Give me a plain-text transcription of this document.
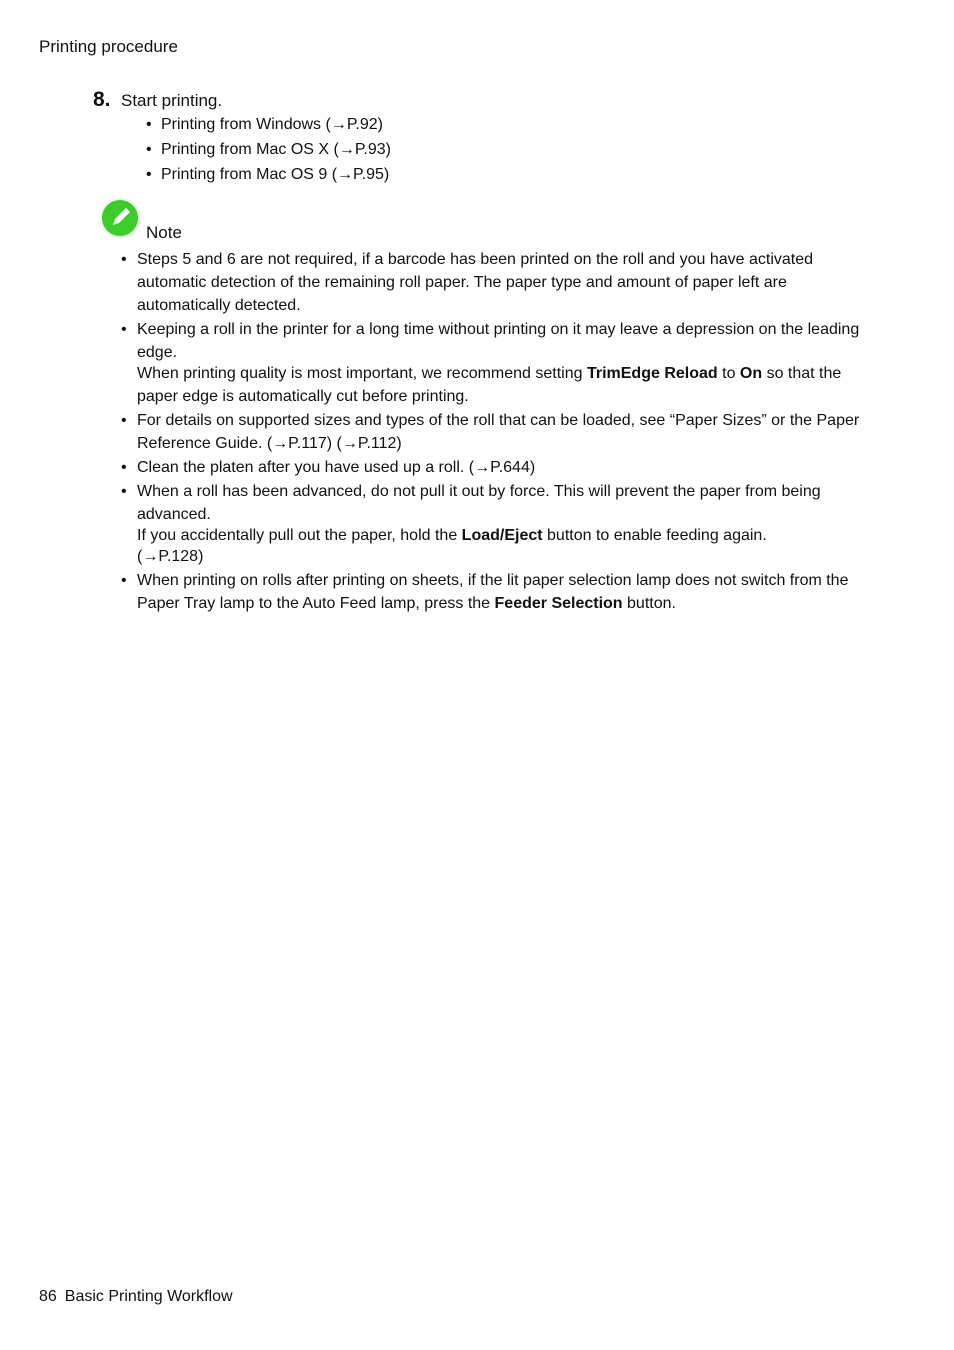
Printing procedure
8. Start printing.
• Printing from Windows (→P.92)
• Printing from Mac OS X (→P.93)
• Printing from Mac OS 9 (→P.95)
Note
• Steps 5 and 6 are not required, if a barcode has been printed on the roll and you have activated automatic detection of the remaining roll paper. The paper type and amount of paper left are automatically detected.

• Keeping a roll in the printer for a long time without printing on it may leave a depression on the leading edge.

When printing quality is most important, we recommend setting TrimEdge Reload to On so that the paper edge is automatically cut before printing.

• For details on supported sizes and types of the roll that can be loaded, see “Paper Sizes” or the Paper Reference Guide. (→P.117) (→P.112)

• Clean the platen after you have used up a roll. (→P.644)

• When a roll has been advanced, do not pull it out by force. This will prevent the paper from being advanced.

If you accidentally pull out the paper, hold the Load/Eject button to enable feeding again.

(→P.128)

• When printing on rolls after printing on sheets, if the lit paper selection lamp does not switch from the Paper Tray lamp to the Auto Feed lamp, press the Feeder Selection button.

86 Basic Printing Workflow
